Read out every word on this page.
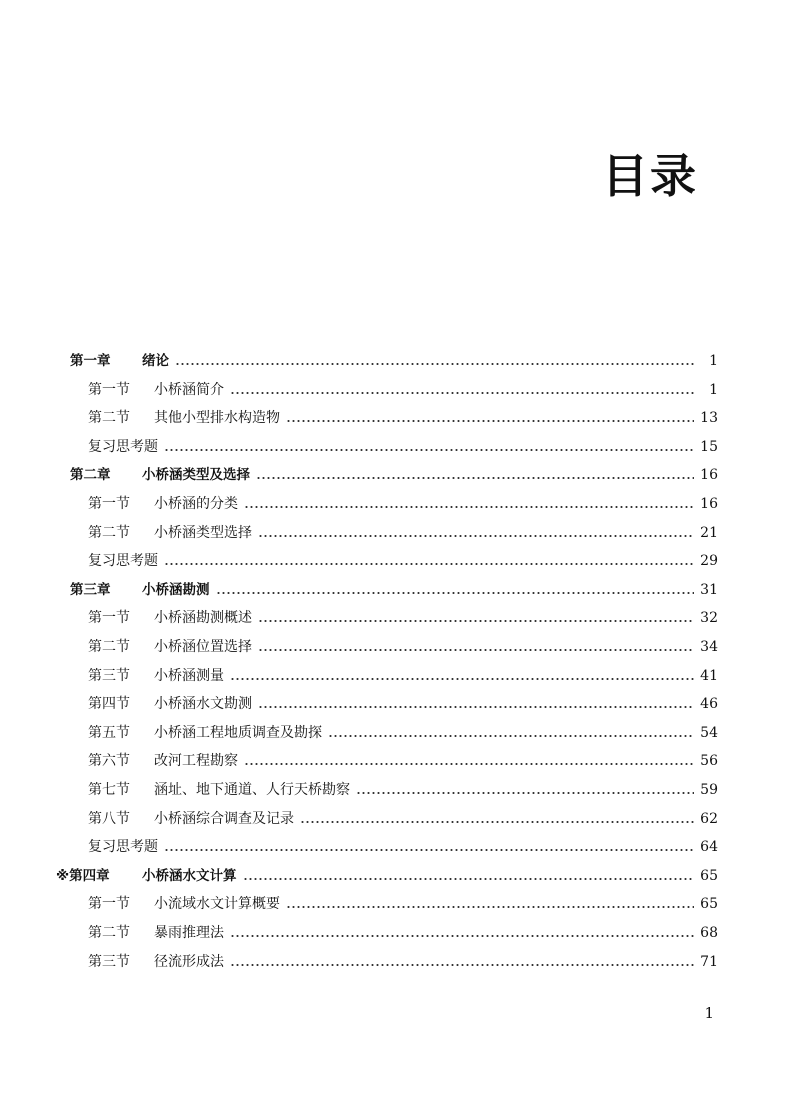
目录
第一章	绪论	1
第一节	小桥涵简介	1
第二节	其他小型排水构造物	13
复习思考题	15
第二章	小桥涵类型及选择	16
第一节	小桥涵的分类	16
第二节	小桥涵类型选择	21
复习思考题	29
第三章	小桥涵勘测	31
第一节	小桥涵勘测概述	32
第二节	小桥涵位置选择	34
第三节	小桥涵测量	41
第四节	小桥涵水文勘测	46
第五节	小桥涵工程地质调查及勘探	54
第六节	改河工程勘察	56
第七节	涵址、地下通道、人行天桥勘察	59
第八节	小桥涵综合调查及记录	62
复习思考题	64
※第四章	小桥涵水文计算	65
第一节	小流域水文计算概要	65
第二节	暴雨推理法	68
第三节	径流形成法	71
1
